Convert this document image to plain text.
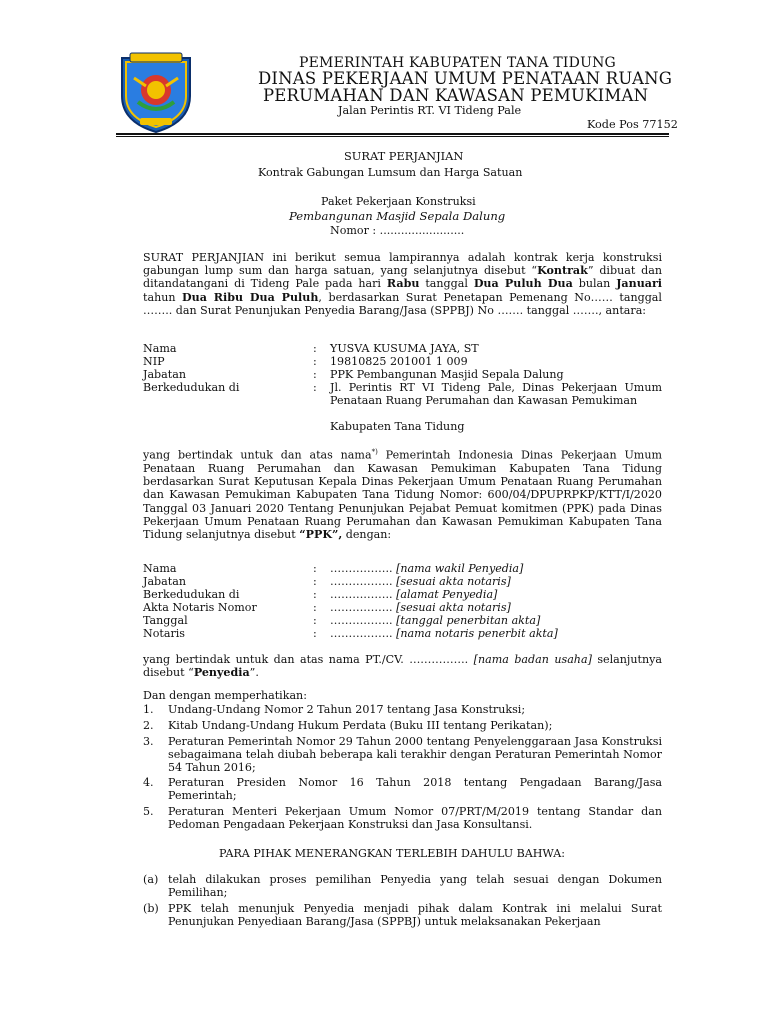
PEMERINTAH KABUPATEN TANA TIDUNG
DINAS PEKERJAAN UMUM PENATAAN RUANG
PERUMAHAN DAN KAWASAN PEMUKIMAN
Jalan Perintis RT. VI Tideng Pale
Kode Pos 77152
SURAT PERJANJIAN
Kontrak Gabungan Lumsum dan Harga Satuan
Paket Pekerjaan Konstruksi
Pembangunan Masjid Sepala Dalung
Nomor : ........................
SURAT PERJANJIAN ini berikut semua lampirannya adalah kontrak kerja konstruksi gabungan lump sum dan harga satuan, yang selanjutnya disebut “Kontrak” dibuat dan ditandatangani di Tideng Pale pada hari Rabu tanggal Dua Puluh Dua bulan Januari tahun Dua Ribu Dua Puluh, berdasarkan Surat Penetapan Pemenang No…… tanggal …….. dan Surat Penunjukan Penyedia Barang/Jasa (SPPBJ) No ……. tanggal ……., antara:
Nama	: YUSVA KUSUMA JAYA, ST
NIP	: 19810825 201001 1 009
Jabatan	: PPK Pembangunan Masjid Sepala Dalung
Berkedudukan di	: Jl. Perintis RT VI Tideng Pale, Dinas Pekerjaan Umum Penataan Ruang Perumahan dan Kawasan Pemukiman
Kabupaten Tana Tidung
yang bertindak untuk dan atas nama*) Pemerintah Indonesia Dinas Pekerjaan Umum Penataan Ruang Perumahan dan Kawasan Pemukiman Kabupaten Tana Tidung berdasarkan Surat Keputusan Kepala Dinas Pekerjaan Umum Penataan Ruang Perumahan dan Kawasan Pemukiman Kabupaten Tana Tidung Nomor: 600/04/DPUPRPKP/KTT/I/2020 Tanggal 03 Januari 2020 Tentang Penunjukan Pejabat Pemuat komitmen (PPK) pada Dinas Pekerjaan Umum Penataan Ruang Perumahan dan Kawasan Pemukiman Kabupaten Tana Tidung selanjutnya disebut “PPK”, dengan:
Nama	: …………….. [nama wakil Penyedia]
Jabatan	: …………….. [sesuai akta notaris]
Berkedudukan di	: …………….. [alamat Penyedia]
Akta Notaris Nomor	: …………….. [sesuai akta notaris]
Tanggal	: …………….. [tanggal penerbitan akta]
Notaris	: …………….. [nama notaris penerbit akta]
yang bertindak untuk dan atas nama PT./CV. ……………. [nama badan usaha] selanjutnya disebut “Penyedia”.
Dan dengan memperhatikan:
1. Undang-Undang Nomor 2 Tahun 2017 tentang Jasa Konstruksi;
2. Kitab Undang-Undang Hukum Perdata (Buku III tentang Perikatan);
3. Peraturan Pemerintah Nomor 29 Tahun 2000 tentang Penyelenggaraan Jasa Konstruksi sebagaimana telah diubah beberapa kali terakhir dengan Peraturan Pemerintah Nomor 54 Tahun 2016;
4. Peraturan Presiden Nomor 16 Tahun 2018 tentang Pengadaan Barang/Jasa Pemerintah;
5. Peraturan Menteri Pekerjaan Umum Nomor 07/PRT/M/2019 tentang Standar dan Pedoman Pengadaan Pekerjaan Konstruksi dan Jasa Konsultansi.
PARA PIHAK MENERANGKAN TERLEBIH DAHULU BAHWA:
(a) telah dilakukan proses pemilihan Penyedia yang telah sesuai dengan Dokumen Pemilihan;
(b) PPK telah menunjuk Penyedia menjadi pihak dalam Kontrak ini melalui Surat Penunjukan Penyediaan Barang/Jasa (SPPBJ) untuk melaksanakan Pekerjaan
